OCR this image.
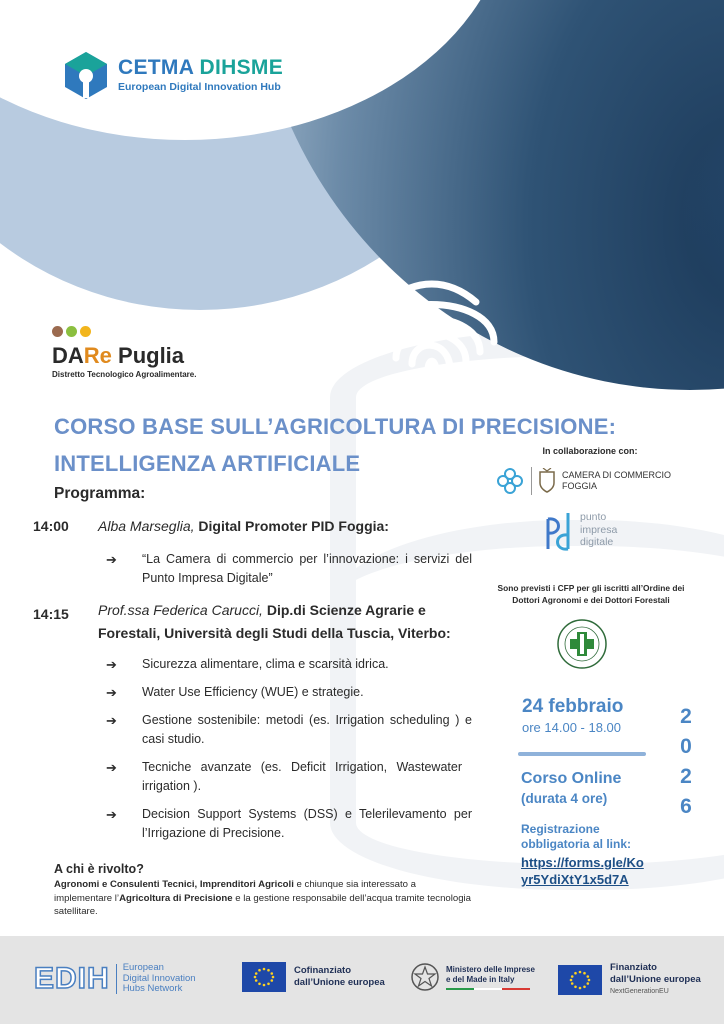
CETMA DIHSME
European Digital Innovation Hub
DARe Puglia
Distretto Tecnologico Agroalimentare.
CORSO BASE SULL’AGRICOLTURA DI PRECISIONE:
INTELLIGENZA ARTIFICIALE
Programma:
14:00 Alba Marseglia, Digital Promoter PID Foggia:
➔	“La Camera di commercio per l’innovazione: i servizi del Punto Impresa Digitale”
14:15 Prof.ssa Federica Carucci, Dip.di Scienze Agrarie e Forestali, Università degli Studi della Tuscia, Viterbo:
➔	Sicurezza alimentare, clima e scarsità idrica.
➔	Water Use Efficiency (WUE) e strategie.
➔	Gestione sostenibile: metodi (es. Irrigation scheduling ) e casi studio.
➔	Tecniche avanzate (es. Deficit Irrigation, Wastewater irrigation ).
➔	Decision Support Systems (DSS) e Telerilevamento per l’Irrigazione di Precisione.
A chi è rivolto?
Agronomi e Consulenti Tecnici, Imprenditori Agricoli e chiunque sia interessato a implementare l’Agricoltura di Precisione e la gestione responsabile dell’acqua tramite tecnologia satellitare.
In collaborazione con:
CAMERA DI COMMERCIO
FOGGIA
punto
impresa
digitale
Sono previsti i CFP per gli iscritti all’Ordine dei Dottori Agronomi e dei Dottori Forestali
24 febbraio
ore 14.00 - 18.00	2
0
2
6
Corso Online
(durata 4 ore)
Registrazione obbligatoria al link:
https://forms.gle/Koyr5YdiXtY1x5d7A
EDIH European
Digital Innovation
Hubs Network
Cofinanziato
dall’Unione europea
Ministero delle Imprese
e del Made in Italy
Finanziato
dall’Unione europea
NextGenerationEU
